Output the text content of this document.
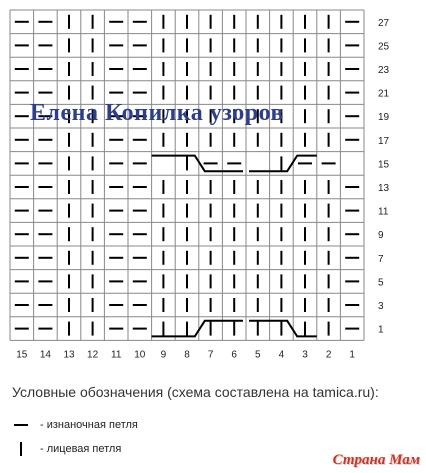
27
25
23
21
19
17
15
13
11
9
7
5
3
1
15 14 13 12 11 10 9 8 7 6 5 4 3 2 1
Елена Копилка узоров
Условные обозначения (схема составлена на tamica.ru):
- изнаночная петля
- лицевая петля
Страна Мам
